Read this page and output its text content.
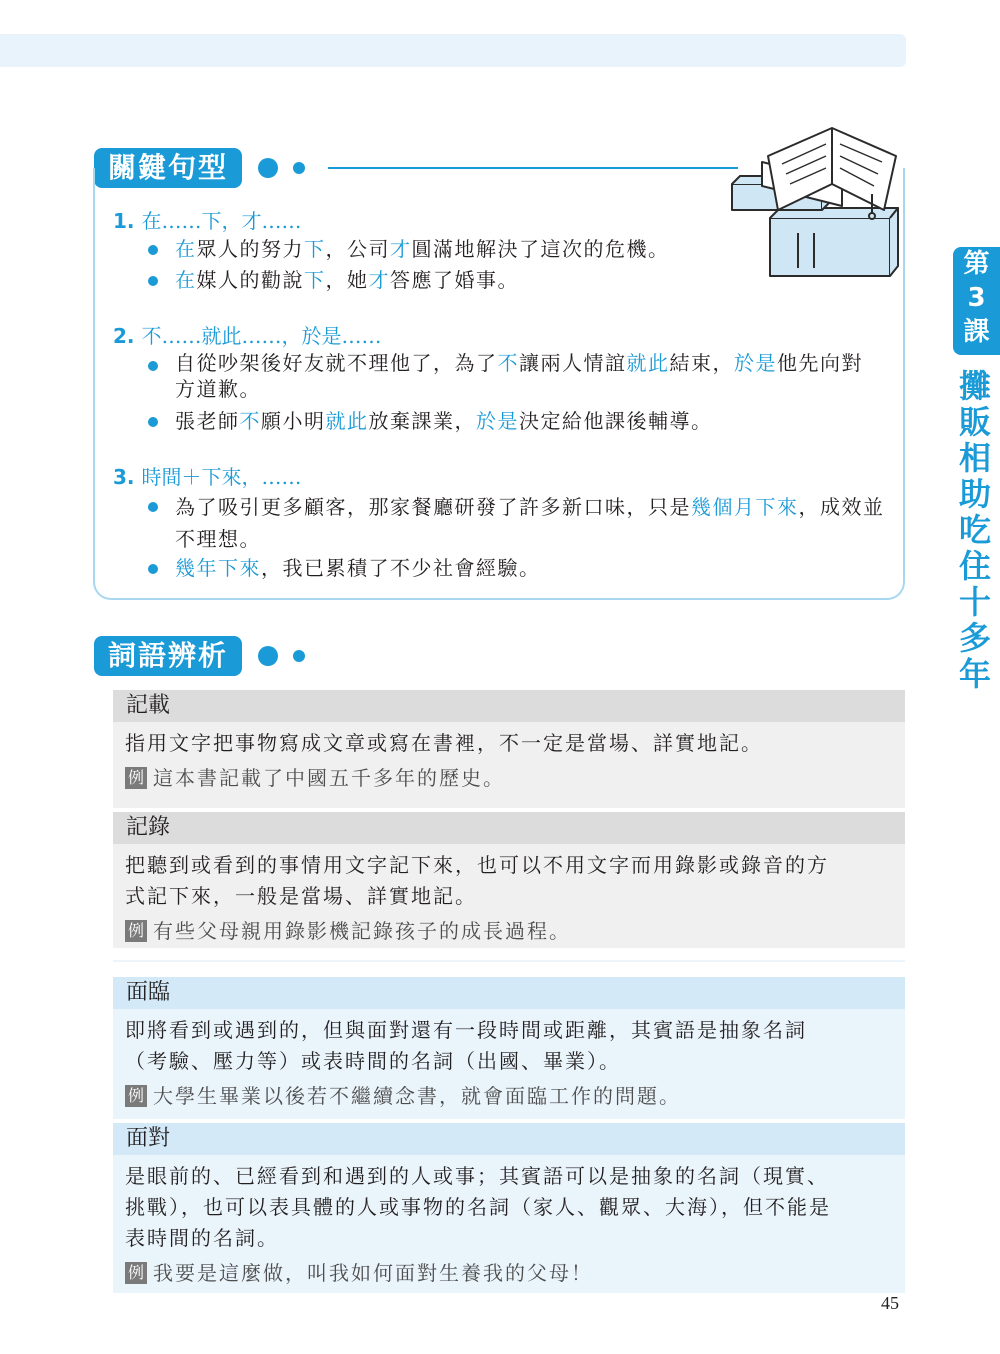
關鍵句型
1. 在……下，才……
在眾人的努力下，公司才圓滿地解決了這次的危機。
在媒人的勸說下，她才答應了婚事。
2. 不……就此……，於是……
自從吵架後好友就不理他了，為了不讓兩人情誼就此結束，於是他先向對方道歉。
張老師不願小明就此放棄課業，於是決定給他課後輔導。
3. 時間＋下來，……
為了吸引更多顧客，那家餐廳研發了許多新口味，只是幾個月下來，成效並不理想。
幾年下來，我已累積了不少社會經驗。
詞語辨析
記載
指用文字把事物寫成文章或寫在書裡，不一定是當場、詳實地記。
例 這本書記載了中國五千多年的歷史。
記錄
把聽到或看到的事情用文字記下來，也可以不用文字而用錄影或錄音的方式記下來，一般是當場、詳實地記。
例 有些父母親用錄影機記錄孩子的成長過程。
面臨
即將看到或遇到的，但與面對還有一段時間或距離，其賓語是抽象名詞（考驗、壓力等）或表時間的名詞（出國、畢業）。
例 大學生畢業以後若不繼續念書，就會面臨工作的問題。
面對
是眼前的、已經看到和遇到的人或事；其賓語可以是抽象的名詞（現實、挑戰），也可以表具體的人或事物的名詞（家人、觀眾、大海），但不能是表時間的名詞。
例 我要是這麼做，叫我如何面對生養我的父母！
第
3
課
攤
販
相
助
吃
住
十
多
年
45
